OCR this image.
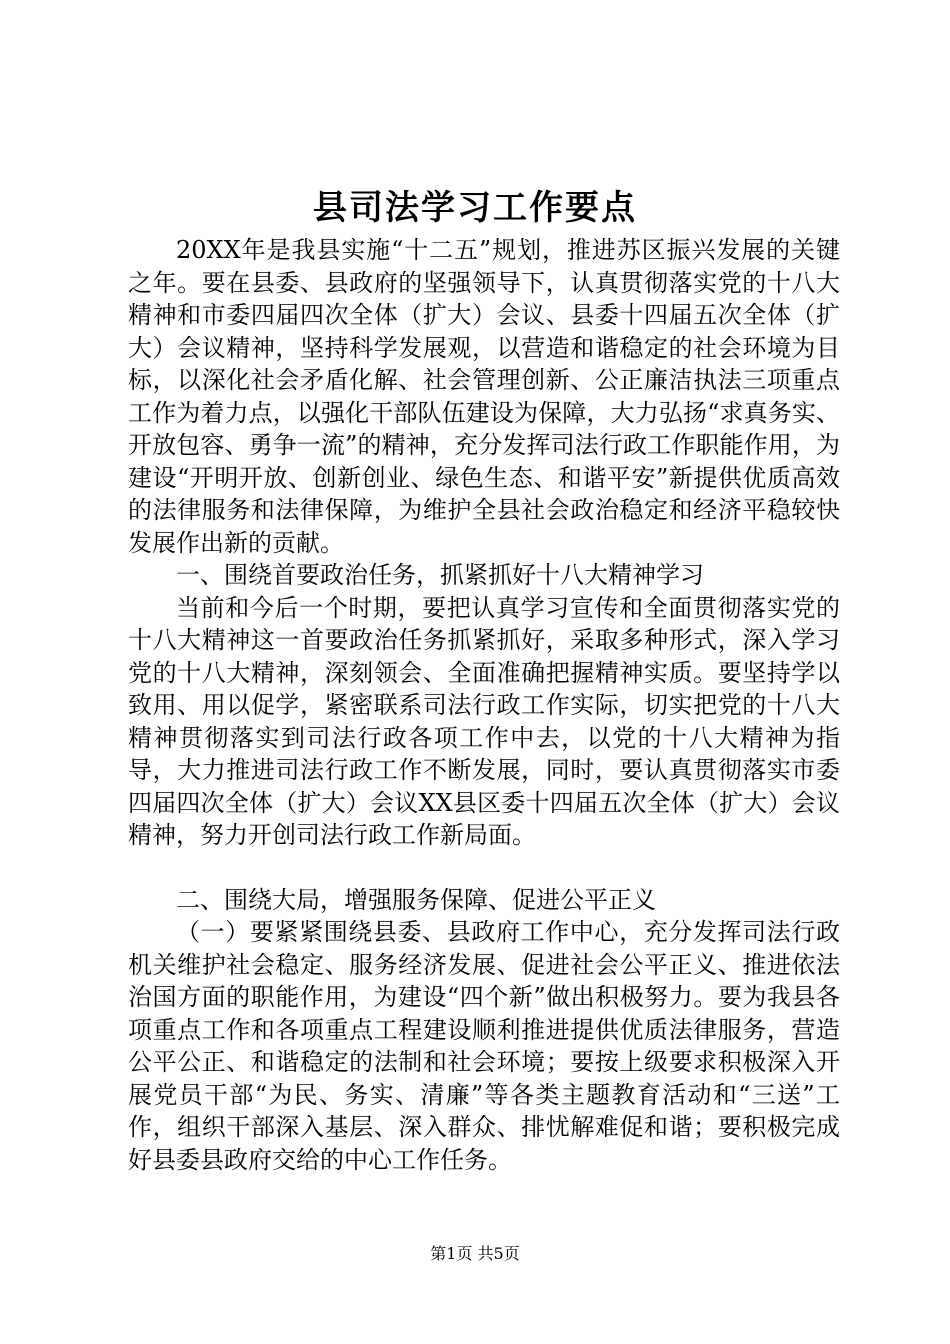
县司法学习工作要点

20XX年是我县实施“十二五”规划，推进苏区振兴发展的关键之年。要在县委、县政府的坚强领导下，认真贯彻落实党的十八大精神和市委四届四次全体（扩大）会议、县委十四届五次全体（扩大）会议精神，坚持科学发展观，以营造和谐稳定的社会环境为目标，以深化社会矛盾化解、社会管理创新、公正廉洁执法三项重点工作为着力点，以强化干部队伍建设为保障，大力弘扬“求真务实、开放包容、勇争一流”的精神，充分发挥司法行政工作职能作用，为建设“开明开放、创新创业、绿色生态、和谐平安”新提供优质高效的法律服务和法律保障，为维护全县社会政治稳定和经济平稳较快发展作出新的贡献。

一、围绕首要政治任务，抓紧抓好十八大精神学习

当前和今后一个时期，要把认真学习宣传和全面贯彻落实党的十八大精神这一首要政治任务抓紧抓好，采取多种形式，深入学习党的十八大精神，深刻领会、全面准确把握精神实质。要坚持学以致用、用以促学，紧密联系司法行政工作实际，切实把党的十八大精神贯彻落实到司法行政各项工作中去，以党的十八大精神为指导，大力推进司法行政工作不断发展，同时，要认真贯彻落实市委四届四次全体（扩大）会议XX县区委十四届五次全体（扩大）会议精神，努力开创司法行政工作新局面。

二、围绕大局，增强服务保障、促进公平正义

（一）要紧紧围绕县委、县政府工作中心，充分发挥司法行政机关维护社会稳定、服务经济发展、促进社会公平正义、推进依法治国方面的职能作用，为建设“四个新”做出积极努力。要为我县各项重点工作和各项重点工程建设顺利推进提供优质法律服务，营造公平公正、和谐稳定的法制和社会环境；要按上级要求积极深入开展党员干部“为民、务实、清廉”等各类主题教育活动和“三送”工作，组织干部深入基层、深入群众、排忧解难促和谐；要积极完成好县委县政府交给的中心工作任务。

第1页 共5页
